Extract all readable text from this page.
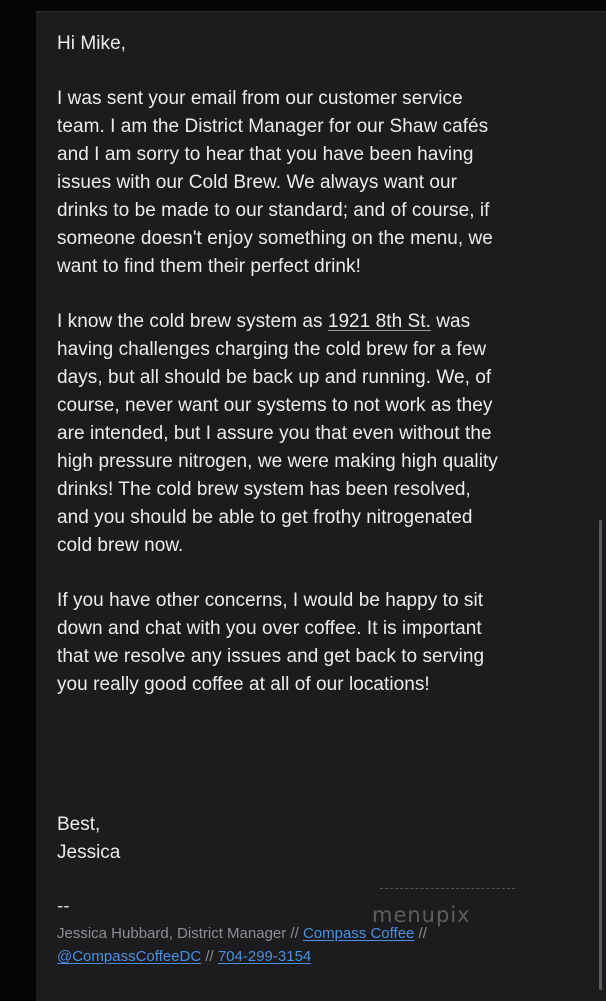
Hi Mike,

I was sent your email from our customer service team. I am the District Manager for our Shaw cafés and I am sorry to hear that you have been having issues with our Cold Brew. We always want our drinks to be made to our standard; and of course, if someone doesn't enjoy something on the menu, we want to find them their perfect drink!

I know the cold brew system as 1921 8th St. was having challenges charging the cold brew for a few days, but all should be back up and running. We, of course, never want our systems to not work as they are intended, but I assure you that even without the high pressure nitrogen, we were making high quality drinks! The cold brew system has been resolved, and you should be able to get frothy nitrogenated cold brew now.

If you have other concerns, I would be happy to sit down and chat with you over coffee. It is important that we resolve any issues and get back to serving you really good coffee at all of our locations!

Best,
Jessica
--
Jessica Hubbard, District Manager // Compass Coffee // @CompassCoffeeDC // 704-299-3154
menupix
